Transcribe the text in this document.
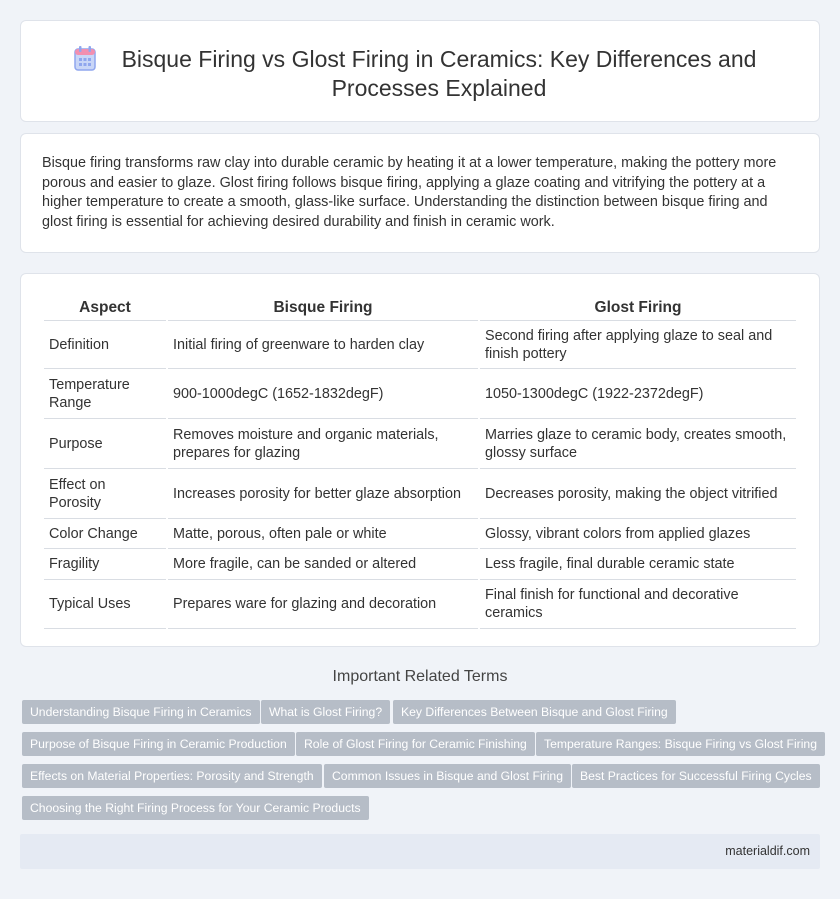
Bisque Firing vs Glost Firing in Ceramics: Key Differences and Processes Explained

Bisque firing transforms raw clay into durable ceramic by heating it at a lower temperature, making the pottery more porous and easier to glaze. Glost firing follows bisque firing, applying a glaze coating and vitrifying the pottery at a higher temperature to create a smooth, glass-like surface. Understanding the distinction between bisque firing and glost firing is essential for achieving desired durability and finish in ceramic work.

Aspect	Bisque Firing	Glost Firing
Definition	Initial firing of greenware to harden clay	Second firing after applying glaze to seal and finish pottery
Temperature Range	900-1000degC (1652-1832degF)	1050-1300degC (1922-2372degF)
Purpose	Removes moisture and organic materials, prepares for glazing	Marries glaze to ceramic body, creates smooth, glossy surface
Effect on Porosity	Increases porosity for better glaze absorption	Decreases porosity, making the object vitrified
Color Change	Matte, porous, often pale or white	Glossy, vibrant colors from applied glazes
Fragility	More fragile, can be sanded or altered	Less fragile, final durable ceramic state
Typical Uses	Prepares ware for glazing and decoration	Final finish for functional and decorative ceramics
Important Related Terms
Understanding Bisque Firing in Ceramics	What is Glost Firing?	Key Differences Between Bisque and Glost Firing
Purpose of Bisque Firing in Ceramic Production	Role of Glost Firing for Ceramic Finishing	Temperature Ranges: Bisque Firing vs Glost Firing
Effects on Material Properties: Porosity and Strength	Common Issues in Bisque and Glost Firing	Best Practices for Successful Firing Cycles
Choosing the Right Firing Process for Your Ceramic Products
materialdif.com
